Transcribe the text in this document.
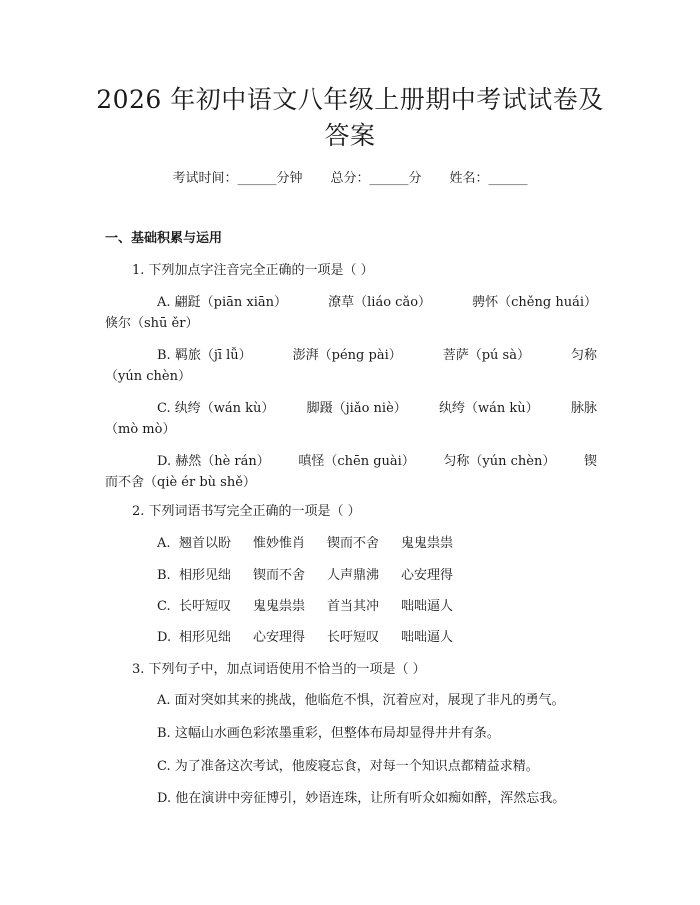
2026 年初中语文八年级上册期中考试试卷及
答案
考试时间：______分钟 总分：______分 姓名：______
一、基础积累与运用
1. 下列加点字注音完全正确的一项是（ ）
A. 翩跹（piān xiān）	潦草（liáo cǎo）	骋怀（chěng huái）
倏尔（shū ěr）
B. 羁旅（jī lǚ）	澎湃（péng pài）	菩萨（pú sà）	匀称
（yún chèn）
C. 纨绔（wán kù） 脚蹑（jiǎo niè） 纨绔（wán kù） 脉脉
（mò mò）
D. 赫然（hè rán） 嗔怪（chēn guài） 匀称（yún chèn） 锲
而不舍（qiè ér bù shě）
2. 下列词语书写完全正确的一项是（ ）
A. 翘首以盼 惟妙惟肖 锲而不舍 鬼鬼祟祟
B. 相形见绌 锲而不舍 人声鼎沸 心安理得
C. 长吁短叹 鬼鬼祟祟 首当其冲 咄咄逼人
D. 相形见绌 心安理得 长吁短叹 咄咄逼人
3. 下列句子中，加点词语使用不恰当的一项是（ ）
A. 面对突如其来的挑战，他临危不惧，沉着应对，展现了非凡的勇气。
B. 这幅山水画色彩浓墨重彩，但整体布局却显得井井有条。
C. 为了准备这次考试，他废寝忘食，对每一个知识点都精益求精。
D. 他在演讲中旁征博引，妙语连珠，让所有听众如痴如醉，浑然忘我。
